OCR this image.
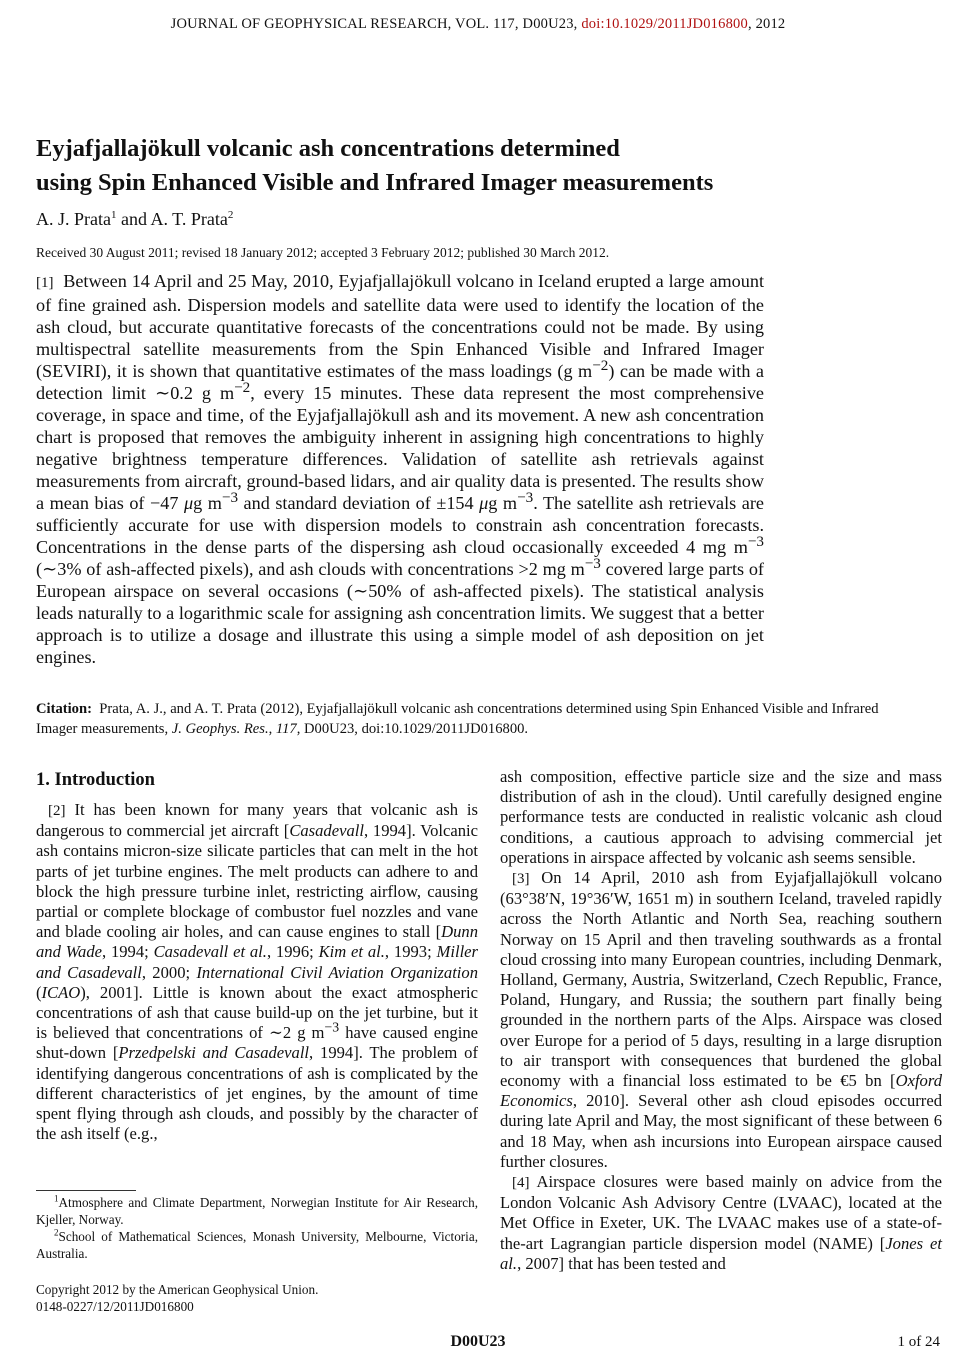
JOURNAL OF GEOPHYSICAL RESEARCH, VOL. 117, D00U23, doi:10.1029/2011JD016800, 2012
Eyjafjallajökull volcanic ash concentrations determined
using Spin Enhanced Visible and Infrared Imager measurements
A. J. Prata$^1$ and A. T. Prata$^2$
Received 30 August 2011; revised 18 January 2012; accepted 3 February 2012; published 30 March 2012.
[1] Between 14 April and 25 May, 2010, Eyjafjallajökull volcano in Iceland erupted a large amount of fine grained ash. Dispersion models and satellite data were used to identify the location of the ash cloud, but accurate quantitative forecasts of the concentrations could not be made. By using multispectral satellite measurements from the Spin Enhanced Visible and Infrared Imager (SEVIRI), it is shown that quantitative estimates of the mass loadings (g $m^{-2}$) can be made with a detection limit ∼0.2 g $m^{-2}$, every 15 minutes. These data represent the most comprehensive coverage, in space and time, of the Eyjafjallajökull ash and its movement. A new ash concentration chart is proposed that removes the ambiguity inherent in assigning high concentrations to highly negative brightness temperature differences. Validation of satellite ash retrievals against measurements from aircraft, ground-based lidars, and air quality data is presented. The results show a mean bias of −47 μg $m^{-3}$ and standard deviation of ±154 μg $m^{-3}$. The satellite ash retrievals are sufficiently accurate for use with dispersion models to constrain ash concentration forecasts. Concentrations in the dense parts of the dispersing ash cloud occasionally exceeded 4 mg $m^{-3}$ (∼3% of ash-affected pixels), and ash clouds with concentrations >2 mg $m^{-3}$ covered large parts of European airspace on several occasions (∼50% of ash-affected pixels). The statistical analysis leads naturally to a logarithmic scale for assigning ash concentration limits. We suggest that a better approach is to utilize a dosage and illustrate this using a simple model of ash deposition on jet engines.
Citation: Prata, A. J., and A. T. Prata (2012), Eyjafjallajökull volcanic ash concentrations determined using Spin Enhanced Visible and Infrared Imager measurements, J. Geophys. Res., 117, D00U23, doi:10.1029/2011JD016800.
1. Introduction

[2] It has been known for many years that volcanic ash is dangerous to commercial jet aircraft [Casadevall, 1994]. Volcanic ash contains micron-size silicate particles that can melt in the hot parts of jet turbine engines. The melt products can adhere to and block the high pressure turbine inlet, restricting airflow, causing partial or complete blockage of combustor fuel nozzles and vane and blade cooling air holes, and can cause engines to stall [Dunn and Wade, 1994; Casadevall et al., 1996; Kim et al., 1993; Miller and Casadevall, 2000; International Civil Aviation Organization (ICAO), 2001]. Little is known about the exact atmospheric concentrations of ash that cause build-up on the jet turbine, but it is believed that concentrations of ∼2 g $m^{-3}$ have caused engine shut-down [Przedpelski and Casadevall, 1994]. The problem of identifying dangerous concentrations of ash is complicated by the different characteristics of jet engines, by the amount of time spent flying through ash clouds, and possibly by the character of the ash itself (e.g.,

$^1$Atmosphere and Climate Department, Norwegian Institute for Air Research, Kjeller, Norway.
$^2$School of Mathematical Sciences, Monash University, Melbourne, Victoria, Australia.
Copyright 2012 by the American Geophysical Union.
0148-0227/12/2011JD016800

ash composition, effective particle size and the size and mass distribution of ash in the cloud). Until carefully designed engine performance tests are conducted in realistic volcanic ash cloud conditions, a cautious approach to advising commercial jet operations in airspace affected by volcanic ash seems sensible.

[3] On 14 April, 2010 ash from Eyjafjallajökull volcano (63°38′N, 19°36′W, 1651 m) in southern Iceland, traveled rapidly across the North Atlantic and North Sea, reaching southern Norway on 15 April and then traveling southwards as a frontal cloud crossing into many European countries, including Denmark, Holland, Germany, Austria, Switzerland, Czech Republic, France, Poland, Hungary, and Russia; the southern part finally being grounded in the northern parts of the Alps. Airspace was closed over Europe for a period of 5 days, resulting in a large disruption to air transport with consequences that burdened the global economy with a financial loss estimated to be €5 bn [Oxford Economics, 2010]. Several other ash cloud episodes occurred during late April and May, the most significant of these between 6 and 18 May, when ash incursions into European airspace caused further closures.

[4] Airspace closures were based mainly on advice from the London Volcanic Ash Advisory Centre (LVAAC), located at the Met Office in Exeter, UK. The LVAAC makes use of a state-of-the-art Lagrangian particle dispersion model (NAME) [Jones et al., 2007] that has been tested and

D00U23	1 of 24
